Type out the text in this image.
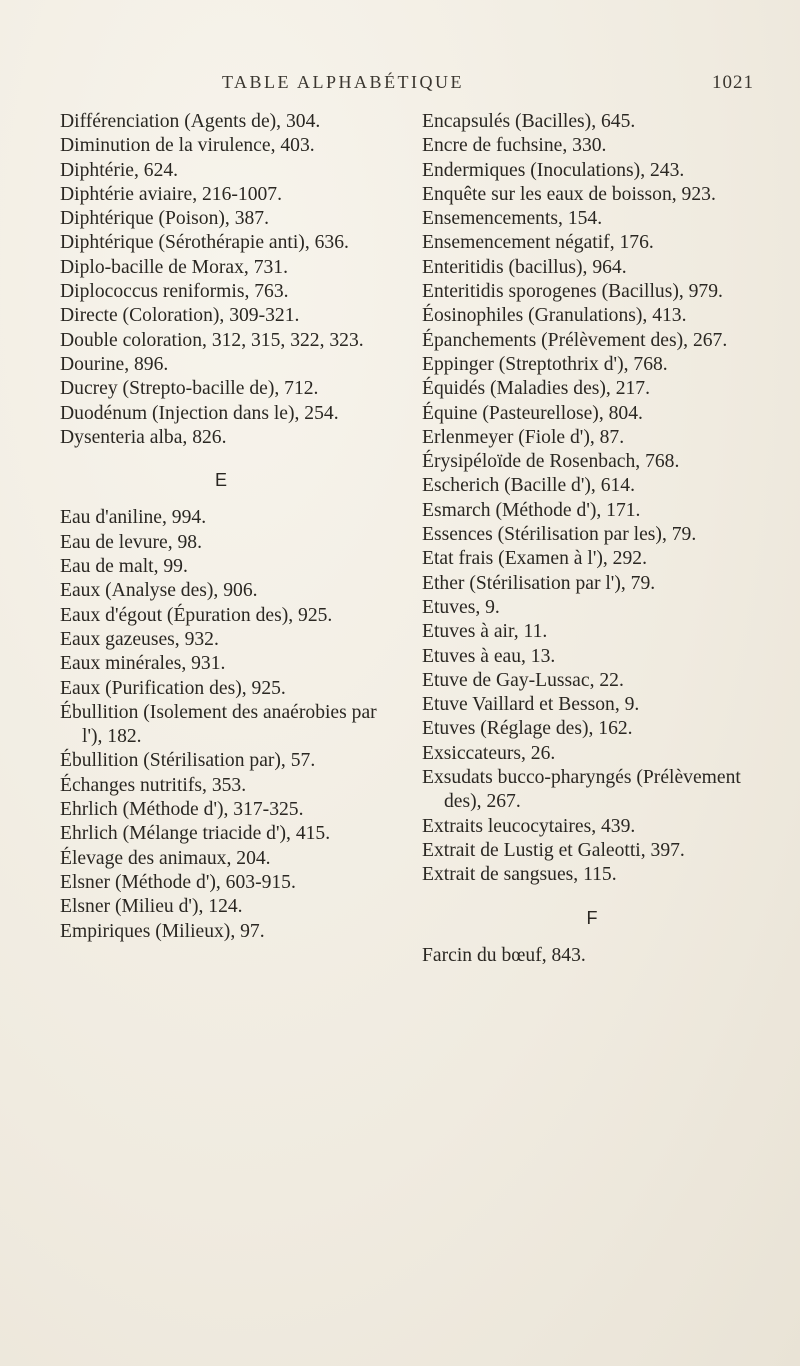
TABLE ALPHABÉTIQUE	1021

Différenciation (Agents de), 304.

Diminution de la virulence, 403.

Diphtérie, 624.

Diphtérie aviaire, 216-1007.

Diphtérique (Poison), 387.

Diphtérique (Sérothérapie anti), 636.

Diplo-bacille de Morax, 731.

Diplococcus reniformis, 763.

Directe (Coloration), 309-321.

Double coloration, 312, 315, 322, 323.

Dourine, 896.

Ducrey (Strepto-bacille de), 712.

Duodénum (Injection dans le), 254.

Dysenteria alba, 826.

E

Eau d'aniline, 994.

Eau de levure, 98.

Eau de malt, 99.

Eaux (Analyse des), 906.

Eaux d'égout (Épuration des), 925.

Eaux gazeuses, 932.

Eaux minérales, 931.

Eaux (Purification des), 925.

Ébullition (Isolement des anaérobies par l'), 182.

Ébullition (Stérilisation par), 57.

Échanges nutritifs, 353.

Ehrlich (Méthode d'), 317-325.

Ehrlich (Mélange triacide d'), 415.

Élevage des animaux, 204.

Elsner (Méthode d'), 603-915.

Elsner (Milieu d'), 124.

Empiriques (Milieux), 97.

Encapsulés (Bacilles), 645.

Encre de fuchsine, 330.

Endermiques (Inoculations), 243.

Enquête sur les eaux de boisson, 923.

Ensemencements, 154.

Ensemencement négatif, 176.

Enteritidis (bacillus), 964.

Enteritidis sporogenes (Bacillus), 979.

Éosinophiles (Granulations), 413.

Épanchements (Prélèvement des), 267.

Eppinger (Streptothrix d'), 768.

Équidés (Maladies des), 217.

Équine (Pasteurellose), 804.

Erlenmeyer (Fiole d'), 87.

Érysipéloïde de Rosenbach, 768.

Escherich (Bacille d'), 614.

Esmarch (Méthode d'), 171.

Essences (Stérilisation par les), 79.

Etat frais (Examen à l'), 292.

Ether (Stérilisation par l'), 79.

Etuves, 9.

Etuves à air, 11.

Etuves à eau, 13.

Etuve de Gay-Lussac, 22.

Etuve Vaillard et Besson, 9.

Etuves (Réglage des), 162.

Exsiccateurs, 26.

Exsudats bucco-pharyngés (Prélèvement des), 267.

Extraits leucocytaires, 439.

Extrait de Lustig et Galeotti, 397.

Extrait de sangsues, 115.

F

Farcin du bœuf, 843.
